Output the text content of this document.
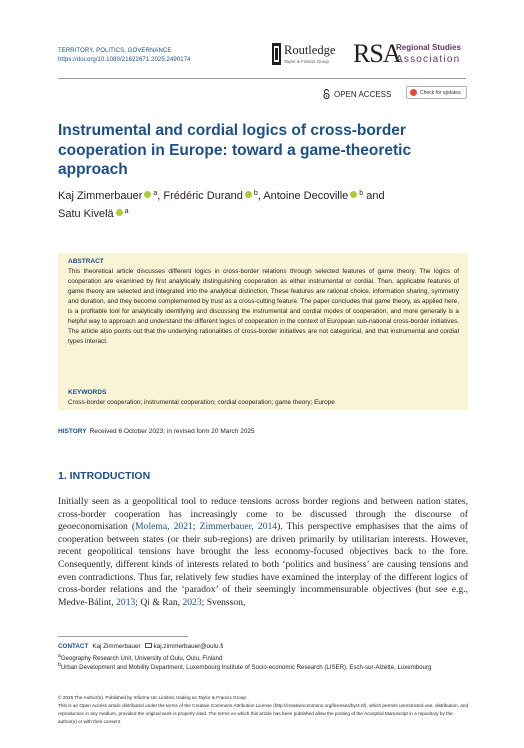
TERRITORY, POLITICS, GOVERNANCE
https://doi.org/10.1080/21622671.2025.2490174
Routledge
Taylor & Francis Group RSA
Regional Studies
Association
OPEN ACCESS	Check for updates
Instrumental and cordial logics of cross-border cooperation in Europe: toward a game-theoretic approach
Kaj Zimmerbauer $^a$, Frédéric Durand $^b$, Antoine Decoville $^b$ and
Satu Kivelä $^a$
ABSTRACT
This theoretical article discusses different logics in cross-border relations through selected features of game theory. The logics of cooperation are examined by first analytically distinguishing cooperation as either instrumental or cordial. Then, applicable features of game theory are selected and integrated into the analytical distinction. These features are rational choice, information sharing, symmetry and duration, and they become complemented by trust as a cross-cutting feature. The paper concludes that game theory, as applied here, is a profitable tool for analytically identifying and discussing the instrumental and cordial modes of cooperation, and more generally is a helpful way to approach and understand the different logics of cooperation in the context of European sub-national cross-border initiatives. The article also points out that the underlying rationalities of cross-border initiatives are not categorical, and that instrumental and cordial types interact.
KEYWORDS
Cross-border cooperation; instrumental cooperation; cordial cooperation; game theory; Europe
HISTORY Received 6 October 2023; in revised form 20 March 2025
1. INTRODUCTION
Initially seen as a geopolitical tool to reduce tensions across border regions and between nation states, cross-border cooperation has increasingly come to be discussed through the discourse of geoeconomisation (Molema, 2021; Zimmerbauer, 2014). This perspective emphasises that the aims of cooperation between states (or their sub-regions) are driven primarily by utilitarian interests. However, recent geopolitical tensions have brought the less economy-focused objectives back to the fore. Consequently, different kinds of interests related to both ‘politics and business’ are causing tensions and even contradictions. Thus far, relatively few studies have examined the interplay of the different logics of cross-border relations and the ‘paradox’ of their seemingly incommensurable objectives (but see e.g., Medve-Bálint, 2013; Qi & Ran, 2023; Svensson,
CONTACT Kaj Zimmerbauer kaj.zimmerbauer@oulu.fi
$^a$Geography Research Unit, University of Oulu, Oulu, Finland
$^b$Urban Development and Mobility Department, Luxembourg Institute of Socio-economic Research (LISER), Esch-sur-Alzette, Luxembourg
© 2025 The Author(s). Published by Informa UK Limited, trading as Taylor & Francis Group
This is an Open Access article distributed under the terms of the Creative Commons Attribution License (http://creativecommons.org/licenses/by/4.0/), which permits unrestricted use, distribution, and reproduction in any medium, provided the original work is properly cited. The terms on which this article has been published allow the posting of the Accepted Manuscript in a repository by the author(s) or with their consent.
